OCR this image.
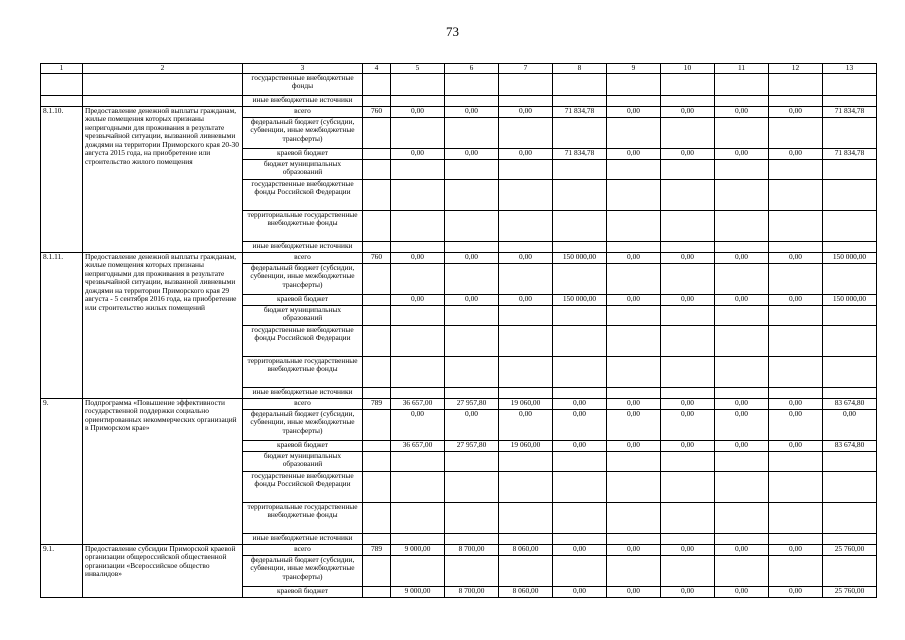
73
1	2	3	4	5	6	7	8	9	10	11	12	13
		государственные внебюджетные фонды										
		иные внебюджетные источники										
8.1.10.	Предоставление денежной выплаты гражданам, жилые помещения которых признаны непригодными для проживания в результате чрезвычайной ситуации, вызванной ливневыми дождями на территории Приморского края 20-30 августа 2015 года, на приобретение или строительство жилого помещения	всего	760	0,00	0,00	0,00	71 834,78	0,00	0,00	0,00	0,00	71 834,78
		федеральный бюджет (субсидии, субвенции, иные межбюджетные трансферты)										
		краевой бюджет		0,00	0,00	0,00	71 834,78	0,00	0,00	0,00	0,00	71 834,78
		бюджет муниципальных образований										
		государственные внебюджетные фонды Российской Федерации										
		территориальные государственные внебюджетные фонды										
		иные внебюджетные источники										
8.1.11.	Предоставление денежной выплаты гражданам, жилые помещения которых признаны непригодными для проживания в результате чрезвычайной ситуации, вызванной ливневыми дождями на территории Приморского края 29 августа - 5 сентября 2016 года, на приобретение или строительство жилых помещений	всего	760	0,00	0,00	0,00	150 000,00	0,00	0,00	0,00	0,00	150 000,00
		федеральный бюджет (субсидии, субвенции, иные межбюджетные трансферты)										
		краевой бюджет		0,00	0,00	0,00	150 000,00	0,00	0,00	0,00	0,00	150 000,00
		бюджет муниципальных образований										
		государственные внебюджетные фонды Российской Федерации										
		территориальные государственные внебюджетные фонды										
		иные внебюджетные источники										
9.	Подпрограмма «Повышение эффективности государственной поддержки социально ориентированных некоммерческих организаций в Приморском крае»	всего	789	36 657,00	27 957,80	19 060,00	0,00	0,00	0,00	0,00	0,00	83 674,80
		федеральный бюджет (субсидии, субвенции, иные межбюджетные трансферты)		0,00	0,00	0,00	0,00	0,00	0,00	0,00	0,00	0,00
		краевой бюджет		36 657,00	27 957,80	19 060,00	0,00	0,00	0,00	0,00	0,00	83 674,80
		бюджет муниципальных образований										
		государственные внебюджетные фонды Российской Федерации										
		территориальные государственные внебюджетные фонды										
		иные внебюджетные источники										
9.1.	Предоставление субсидии Приморской краевой организации общероссийской общественной организации «Всероссийское общество инвалидов»	всего	789	9 000,00	8 700,00	8 060,00	0,00	0,00	0,00	0,00	0,00	25 760,00
		федеральный бюджет (субсидии, субвенции, иные межбюджетные трансферты)										
		краевой бюджет		9 000,00	8 700,00	8 060,00	0,00	0,00	0,00	0,00	0,00	25 760,00
